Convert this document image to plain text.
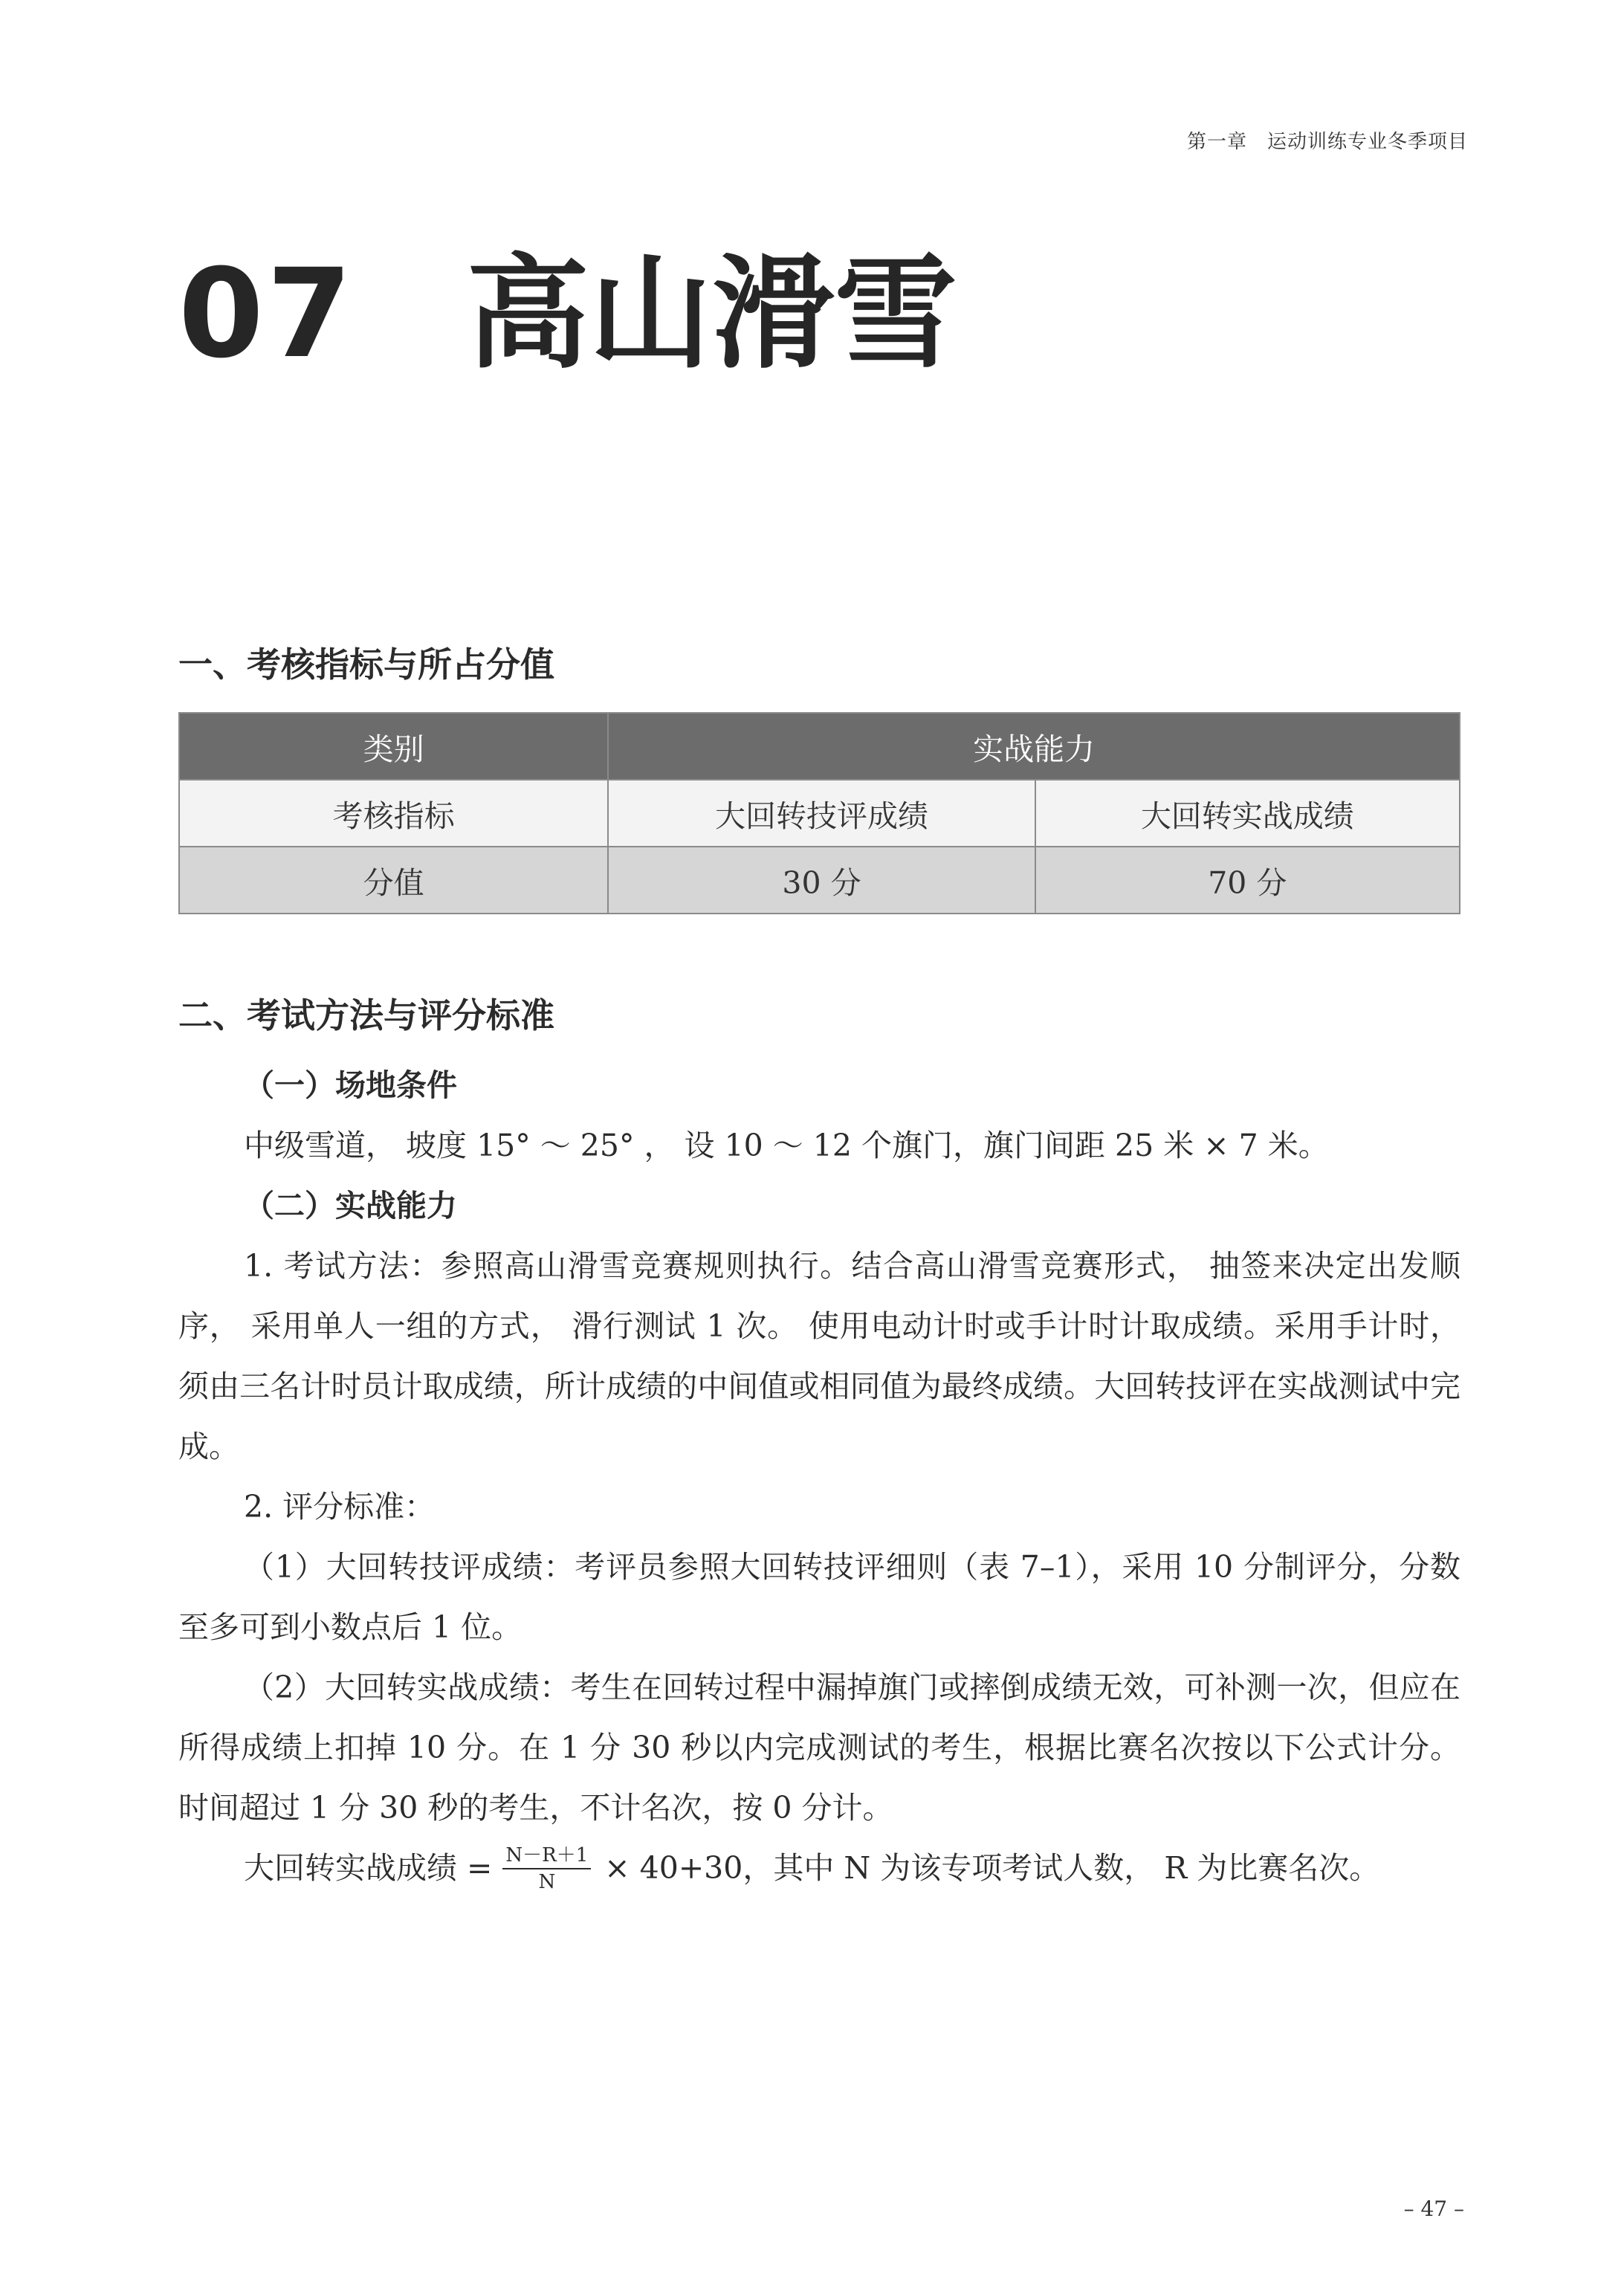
第一章　运动训练专业冬季项目
07 高山滑雪
一、考核指标与所占分值
类别	实战能力	
考核指标	大回转技评成绩	大回转实战成绩
分值	30 分	70 分
二、考试方法与评分标准

（一）场地条件

中级雪道， 坡度 15° ～ 25° ， 设 10 ～ 12 个旗门，旗门间距 25 米 × 7 米。

（二）实战能力

1. 考试方法：参照高山滑雪竞赛规则执行。结合高山滑雪竞赛形式， 抽签来决定出发顺序， 采用单人一组的方式， 滑行测试 1 次。 使用电动计时或手计时计取成绩。采用手计时，须由三名计时员计取成绩，所计成绩的中间值或相同值为最终成绩。大回转技评在实战测试中完成。

2. 评分标准：

（1）大回转技评成绩：考评员参照大回转技评细则（表 7–1），采用 10 分制评分，分数至多可到小数点后 1 位。

（2）大回转实战成绩：考生在回转过程中漏掉旗门或摔倒成绩无效，可补测一次，但应在所得成绩上扣掉 10 分。在 1 分 30 秒以内完成测试的考生，根据比赛名次按以下公式计分。时间超过 1 分 30 秒的考生，不计名次，按 0 分计。

大回转实战成绩 = $\frac{N-R+1}{N} \times 40+30$，其中 N 为该专项考试人数， R 为比赛名次。
– 47 –
